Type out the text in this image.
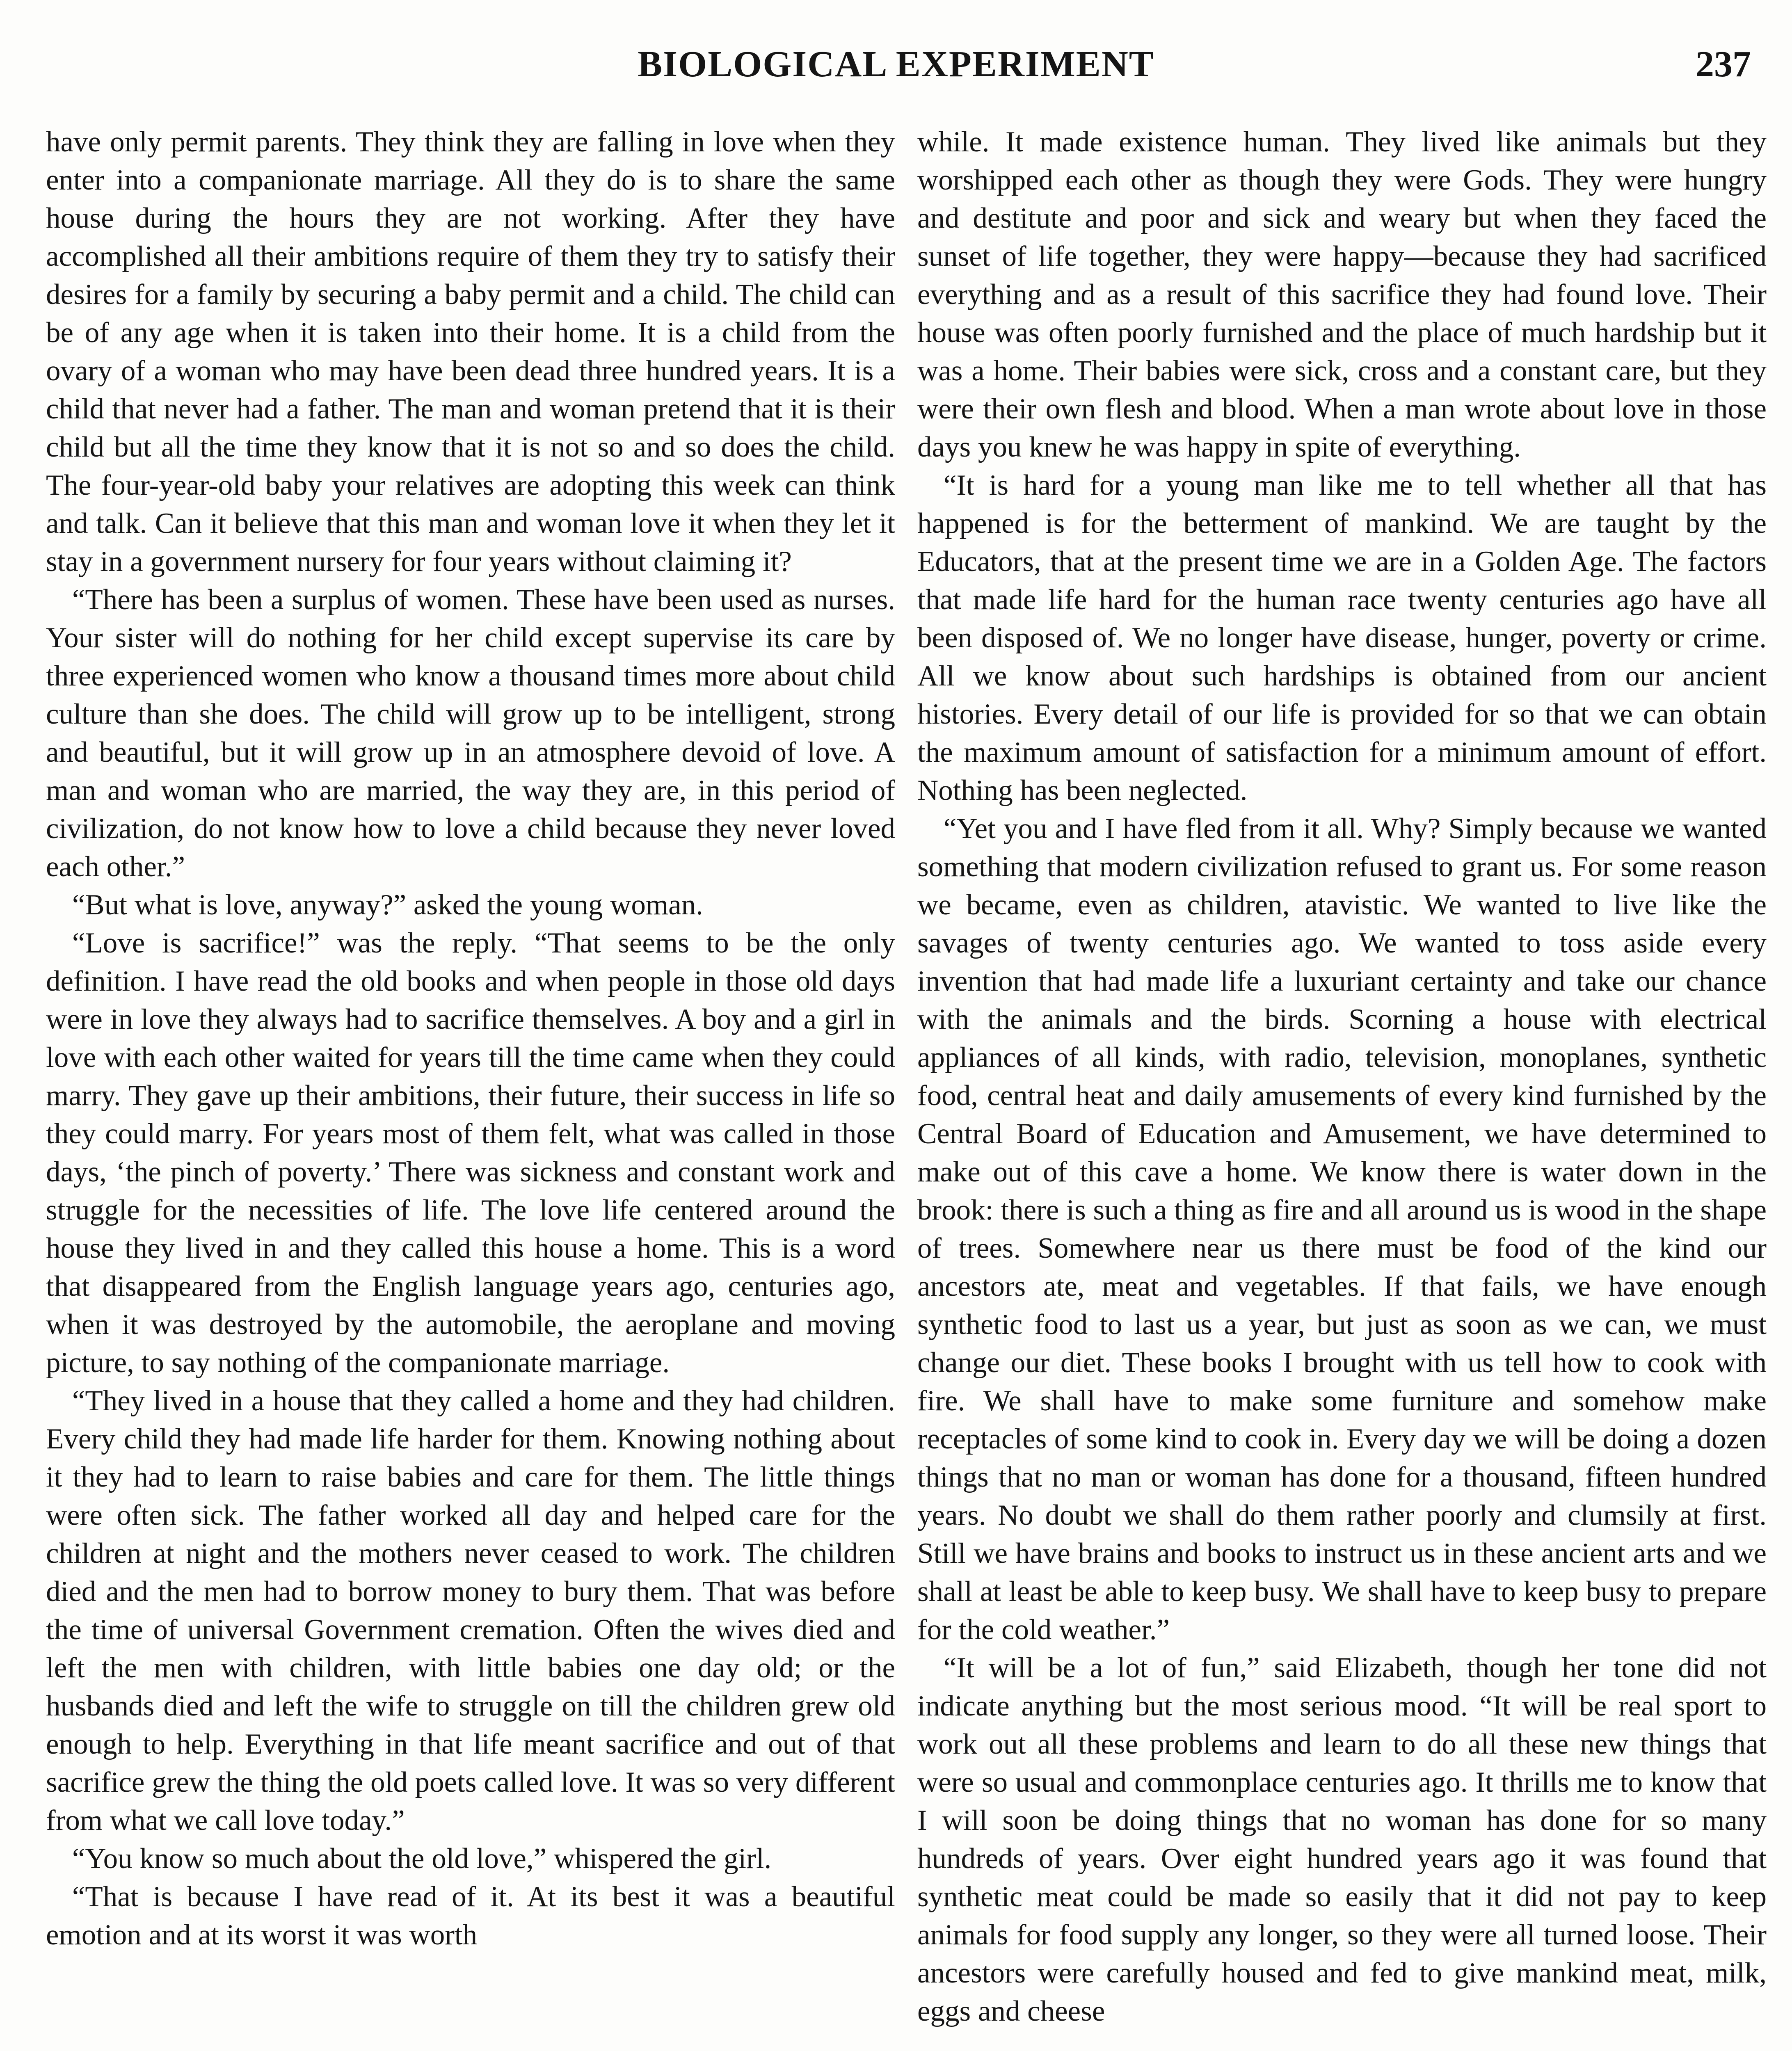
BIOLOGICAL EXPERIMENT	237

have only permit parents. They think they are falling in love when they enter into a companionate marriage. All they do is to share the same house during the hours they are not working. After they have accomplished all their ambitions require of them they try to satisfy their desires for a family by securing a baby permit and a child. The child can be of any age when it is taken into their home. It is a child from the ovary of a woman who may have been dead three hundred years. It is a child that never had a father. The man and woman pretend that it is their child but all the time they know that it is not so and so does the child. The four-year-old baby your relatives are adopting this week can think and talk. Can it believe that this man and woman love it when they let it stay in a government nursery for four years without claiming it?

“There has been a surplus of women. These have been used as nurses. Your sister will do nothing for her child except supervise its care by three experienced women who know a thousand times more about child culture than she does. The child will grow up to be intelligent, strong and beautiful, but it will grow up in an atmosphere devoid of love. A man and woman who are married, the way they are, in this period of civilization, do not know how to love a child because they never loved each other.”

“But what is love, anyway?” asked the young woman.

“Love is sacrifice!” was the reply. “That seems to be the only definition. I have read the old books and when people in those old days were in love they always had to sacrifice themselves. A boy and a girl in love with each other waited for years till the time came when they could marry. They gave up their ambitions, their future, their success in life so they could marry. For years most of them felt, what was called in those days, ‘the pinch of poverty.’ There was sickness and constant work and struggle for the necessities of life. The love life centered around the house they lived in and they called this house a home. This is a word that disappeared from the English language years ago, centuries ago, when it was destroyed by the automobile, the aeroplane and moving picture, to say nothing of the companionate marriage.

“They lived in a house that they called a home and they had children. Every child they had made life harder for them. Knowing nothing about it they had to learn to raise babies and care for them. The little things were often sick. The father worked all day and helped care for the children at night and the mothers never ceased to work. The children died and the men had to borrow money to bury them. That was before the time of universal Government cremation. Often the wives died and left the men with children, with little babies one day old; or the husbands died and left the wife to struggle on till the children grew old enough to help. Everything in that life meant sacrifice and out of that sacrifice grew the thing the old poets called love. It was so very different from what we call love today.”

“You know so much about the old love,” whispered the girl.

“That is because I have read of it. At its best it was a beautiful emotion and at its worst it was worth

while. It made existence human. They lived like animals but they worshipped each other as though they were Gods. They were hungry and destitute and poor and sick and weary but when they faced the sunset of life together, they were happy—because they had sacrificed everything and as a result of this sacrifice they had found love. Their house was often poorly furnished and the place of much hardship but it was a home. Their babies were sick, cross and a constant care, but they were their own flesh and blood. When a man wrote about love in those days you knew he was happy in spite of everything.

“It is hard for a young man like me to tell whether all that has happened is for the betterment of mankind. We are taught by the Educators, that at the present time we are in a Golden Age. The factors that made life hard for the human race twenty centuries ago have all been disposed of. We no longer have disease, hunger, poverty or crime. All we know about such hardships is obtained from our ancient histories. Every detail of our life is provided for so that we can obtain the maximum amount of satisfaction for a minimum amount of effort. Nothing has been neglected.

“Yet you and I have fled from it all. Why? Simply because we wanted something that modern civilization refused to grant us. For some reason we became, even as children, atavistic. We wanted to live like the savages of twenty centuries ago. We wanted to toss aside every invention that had made life a luxuriant certainty and take our chance with the animals and the birds. Scorning a house with electrical appliances of all kinds, with radio, television, monoplanes, synthetic food, central heat and daily amusements of every kind furnished by the Central Board of Education and Amusement, we have determined to make out of this cave a home. We know there is water down in the brook: there is such a thing as fire and all around us is wood in the shape of trees. Somewhere near us there must be food of the kind our ancestors ate, meat and vegetables. If that fails, we have enough synthetic food to last us a year, but just as soon as we can, we must change our diet. These books I brought with us tell how to cook with fire. We shall have to make some furniture and somehow make receptacles of some kind to cook in. Every day we will be doing a dozen things that no man or woman has done for a thousand, fifteen hundred years. No doubt we shall do them rather poorly and clumsily at first. Still we have brains and books to instruct us in these ancient arts and we shall at least be able to keep busy. We shall have to keep busy to prepare for the cold weather.”

“It will be a lot of fun,” said Elizabeth, though her tone did not indicate anything but the most serious mood. “It will be real sport to work out all these problems and learn to do all these new things that were so usual and commonplace centuries ago. It thrills me to know that I will soon be doing things that no woman has done for so many hundreds of years. Over eight hundred years ago it was found that synthetic meat could be made so easily that it did not pay to keep animals for food supply any longer, so they were all turned loose. Their ancestors were carefully housed and fed to give mankind meat, milk, eggs and cheese
